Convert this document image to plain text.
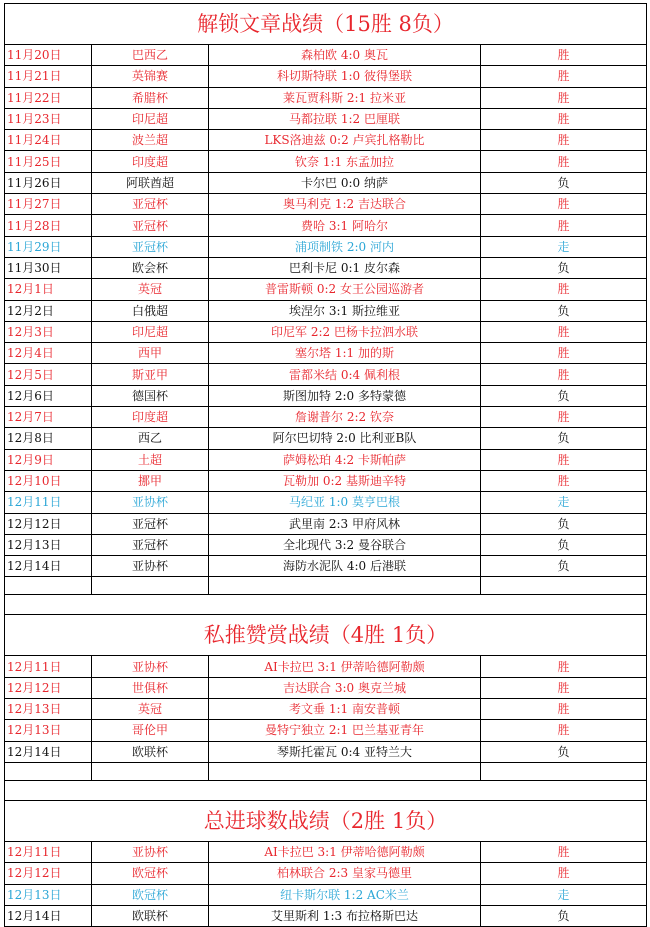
解锁文章战绩（15胜 8负）			
11月20日	巴西乙	森柏欧 4:0 奥瓦	胜
11月21日	英锦赛	科切斯特联 1:0 彼得堡联	胜
11月22日	希腊杯	莱瓦贾科斯 2:1 拉米亚	胜
11月23日	印尼超	马都拉联 1:2 巴厘联	胜
11月24日	波兰超	LKS洛迪兹 0:2 卢宾扎格勒比	胜
11月25日	印度超	钦奈 1:1 东孟加拉	胜
11月26日	阿联酋超	卡尔巴 0:0 纳萨	负
11月27日	亚冠杯	奥马利克 1:2 吉达联合	胜
11月28日	亚冠杯	费哈 3:1 阿哈尔	胜
11月29日	亚冠杯	浦项制铁 2:0 河内	走
11月30日	欧会杯	巴利卡尼 0:1 皮尔森	负
12月1日	英冠	普雷斯顿 0:2 女王公园巡游者	胜
12月2日	白俄超	埃涅尔 3:1 斯拉维亚	负
12月3日	印尼超	印尼军 2:2 巴杨卡拉泗水联	胜
12月4日	西甲	塞尔塔 1:1 加的斯	胜
12月5日	斯亚甲	雷都米结 0:4 佩利根	胜
12月6日	德国杯	斯图加特 2:0 多特蒙德	负
12月7日	印度超	詹谢普尔 2:2 钦奈	胜
12月8日	西乙	阿尔巴切特 2:0 比利亚B队	负
12月9日	土超	萨姆松珀 4:2 卡斯帕萨	胜
12月10日	挪甲	瓦勒加 0:2 基斯迪辛特	胜
12月11日	亚协杯	马纪亚 1:0 莫亨巴根	走
12月12日	亚冠杯	武里南 2:3 甲府风林	负
12月13日	亚冠杯	全北现代 3:2 曼谷联合	负
12月14日	亚协杯	海防水泥队 4:0 后港联	负

私推赞赏战绩（4胜 1负）			
12月11日	亚协杯	AI卡拉巴 3:1 伊蒂哈德阿勒颇	胜
12月12日	世俱杯	吉达联合 3:0 奥克兰城	胜
12月13日	英冠	考文垂 1:1 南安普顿	胜
12月13日	哥伦甲	曼特宁独立 2:1 巴兰基亚青年	胜
12月14日	欧联杯	琴斯托霍瓦 0:4 亚特兰大	负

总进球数战绩（2胜 1负）			
12月11日	亚协杯	AI卡拉巴 3:1 伊蒂哈德阿勒颇	胜
12月12日	欧冠杯	柏林联合 2:3 皇家马德里	胜
12月13日	欧冠杯	纽卡斯尔联 1:2 AC米兰	走
12月14日	欧联杯	艾里斯利 1:3 布拉格斯巴达	负
